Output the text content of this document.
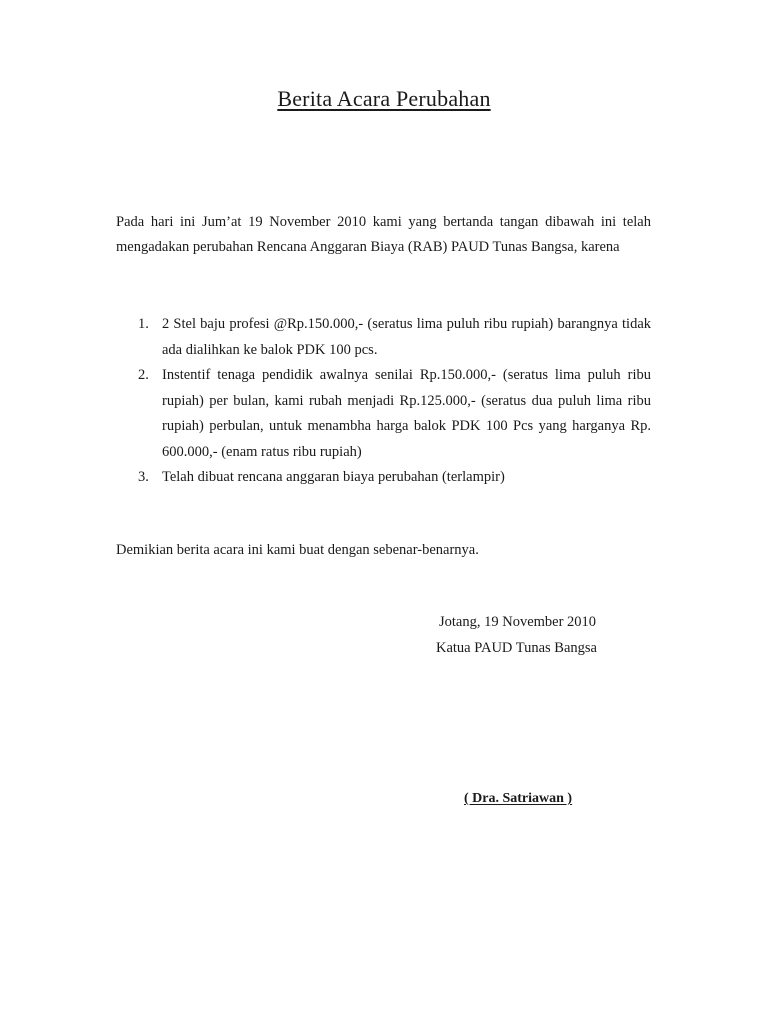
Berita Acara Perubahan
Pada hari ini Jum’at 19 November 2010 kami yang bertanda tangan dibawah ini telah mengadakan perubahan Rencana Anggaran Biaya (RAB) PAUD Tunas Bangsa, karena
1. 2 Stel baju profesi @Rp.150.000,- (seratus lima puluh ribu rupiah) barangnya tidak ada dialihkan ke balok PDK 100 pcs.
2. Instentif tenaga pendidik awalnya senilai Rp.150.000,- (seratus lima puluh ribu rupiah) per bulan, kami rubah menjadi Rp.125.000,- (seratus dua puluh lima ribu rupiah) perbulan, untuk menambha harga balok PDK 100 Pcs yang harganya Rp. 600.000,- (enam ratus ribu rupiah)
3. Telah dibuat rencana anggaran biaya perubahan (terlampir)
Demikian berita acara ini kami buat dengan sebenar-benarnya.
Jotang, 19 November 2010
Katua PAUD Tunas Bangsa
( Dra. Satriawan )
